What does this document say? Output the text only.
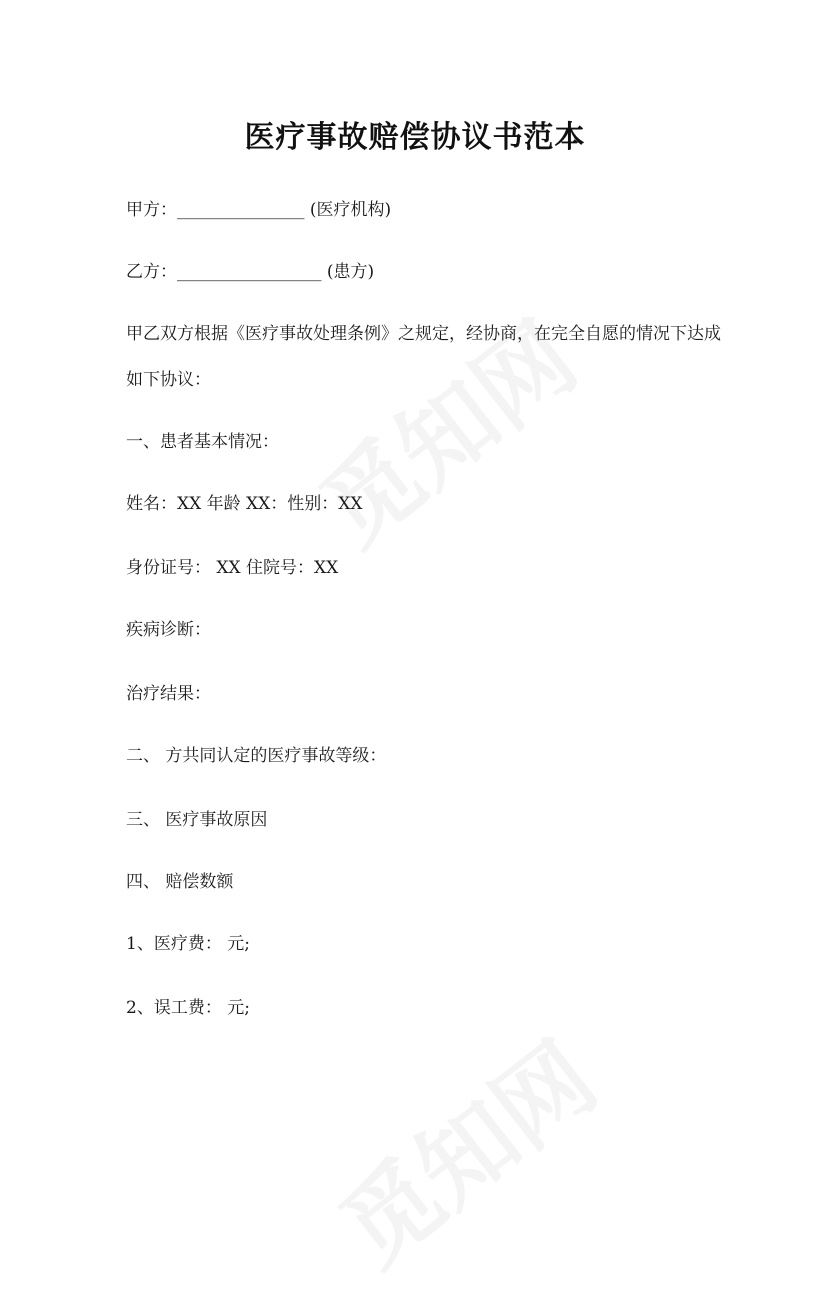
医疗事故赔偿协议书范本
甲方：_______________ (医疗机构)
乙方：_________________ (患方)
甲乙双方根据《医疗事故处理条例》之规定，经协商，在完全自愿的情况下达成
如下协议：
一、患者基本情况：
姓名：XX 年龄 XX：性别：XX
身份证号： XX 住院号：XX
疾病诊断：
治疗结果：
二、 方共同认定的医疗事故等级：
三、 医疗事故原因
四、 赔偿数额
1、医疗费： 元;
2、误工费： 元;
